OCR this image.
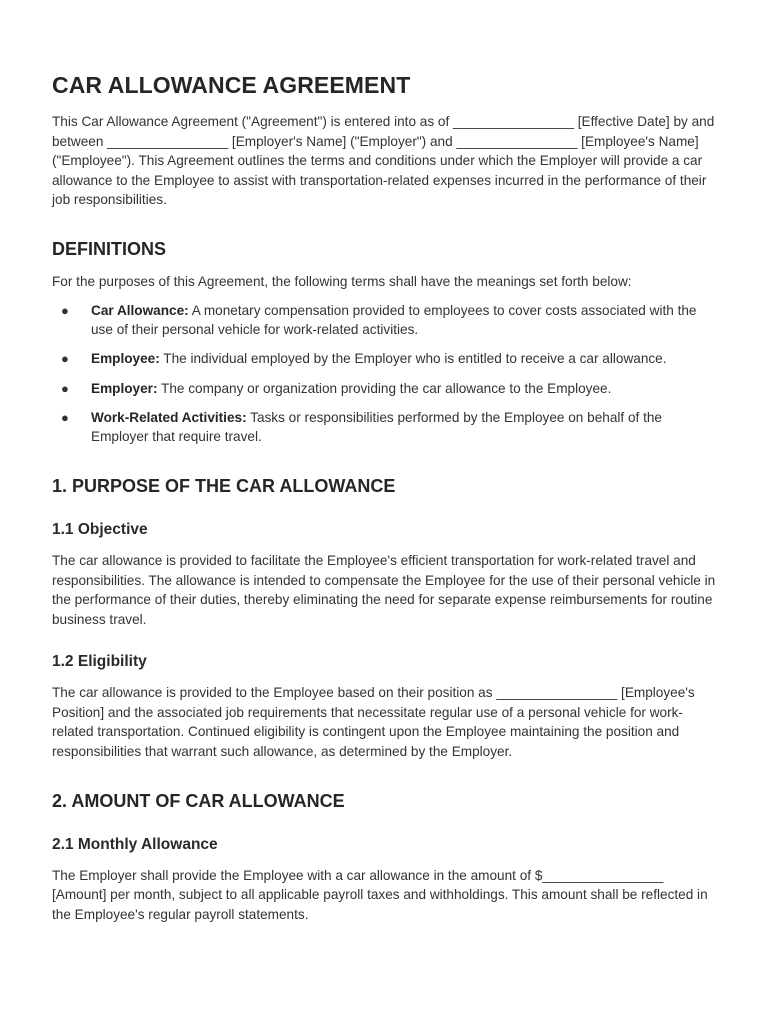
CAR ALLOWANCE AGREEMENT

This Car Allowance Agreement ("Agreement") is entered into as of ________________ [Effective Date] by and between ________________ [Employer's Name] ("Employer") and ________________ [Employee's Name] ("Employee"). This Agreement outlines the terms and conditions under which the Employer will provide a car allowance to the Employee to assist with transportation-related expenses incurred in the performance of their job responsibilities.

DEFINITIONS

For the purposes of this Agreement, the following terms shall have the meanings set forth below:

● Car Allowance: A monetary compensation provided to employees to cover costs associated with the use of their personal vehicle for work-related activities.
● Employee: The individual employed by the Employer who is entitled to receive a car allowance.
● Employer: The company or organization providing the car allowance to the Employee.
● Work-Related Activities: Tasks or responsibilities performed by the Employee on behalf of the Employer that require travel.
1. PURPOSE OF THE CAR ALLOWANCE
1.1 Objective

The car allowance is provided to facilitate the Employee's efficient transportation for work-related travel and responsibilities. The allowance is intended to compensate the Employee for the use of their personal vehicle in the performance of their duties, thereby eliminating the need for separate expense reimbursements for routine business travel.

1.2 Eligibility

The car allowance is provided to the Employee based on their position as ________________ [Employee's Position] and the associated job requirements that necessitate regular use of a personal vehicle for work-related transportation. Continued eligibility is contingent upon the Employee maintaining the position and responsibilities that warrant such allowance, as determined by the Employer.

2. AMOUNT OF CAR ALLOWANCE
2.1 Monthly Allowance

The Employer shall provide the Employee with a car allowance in the amount of $________________ [Amount] per month, subject to all applicable payroll taxes and withholdings. This amount shall be reflected in the Employee's regular payroll statements.
